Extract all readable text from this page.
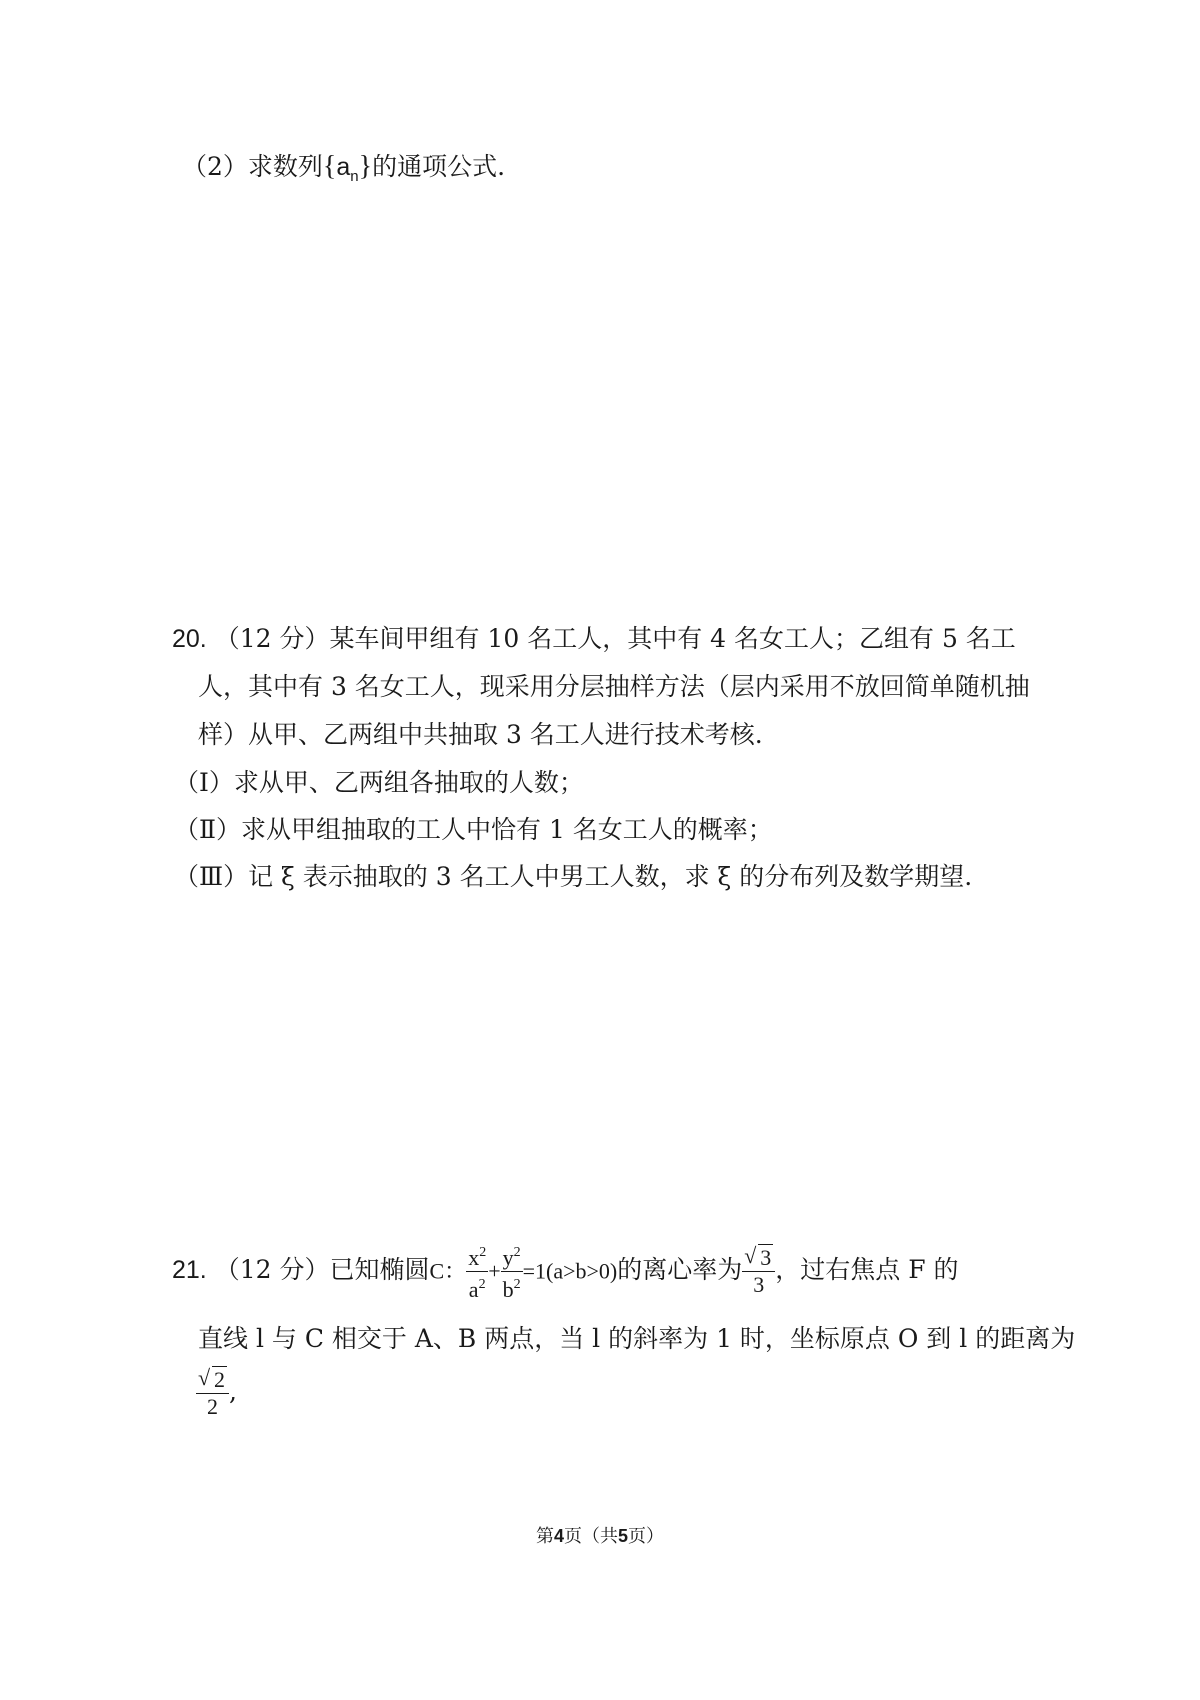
（2）求数列$\{a_n\}$的通项公式.
20. （12 分）某车间甲组有 10 名工人，其中有 4 名女工人；乙组有 5 名工
人，其中有 3 名女工人，现采用分层抽样方法（层内采用不放回简单随机抽
样）从甲、乙两组中共抽取 3 名工人进行技术考核.
（Ⅰ）求从甲、乙两组各抽取的人数；
（Ⅱ）求从甲组抽取的工人中恰有 1 名女工人的概率；
（Ⅲ）记 ξ 表示抽取的 3 名工人中男工人数，求 ξ 的分布列及数学期望.
21. （12 分）已知椭圆C： $\frac{x^2}{a^2} + \frac{y^2}{b^2} =1(a>b>0)$的离心率为 $\frac{√ 3}{3}$ ，过右焦点 F 的
直线 l 与 C 相交于 A、B 两点，当 l 的斜率为 1 时，坐标原点 O 到 l 的距离为
$\frac{√ 2}{2}$ ,
第4页（共5页）
